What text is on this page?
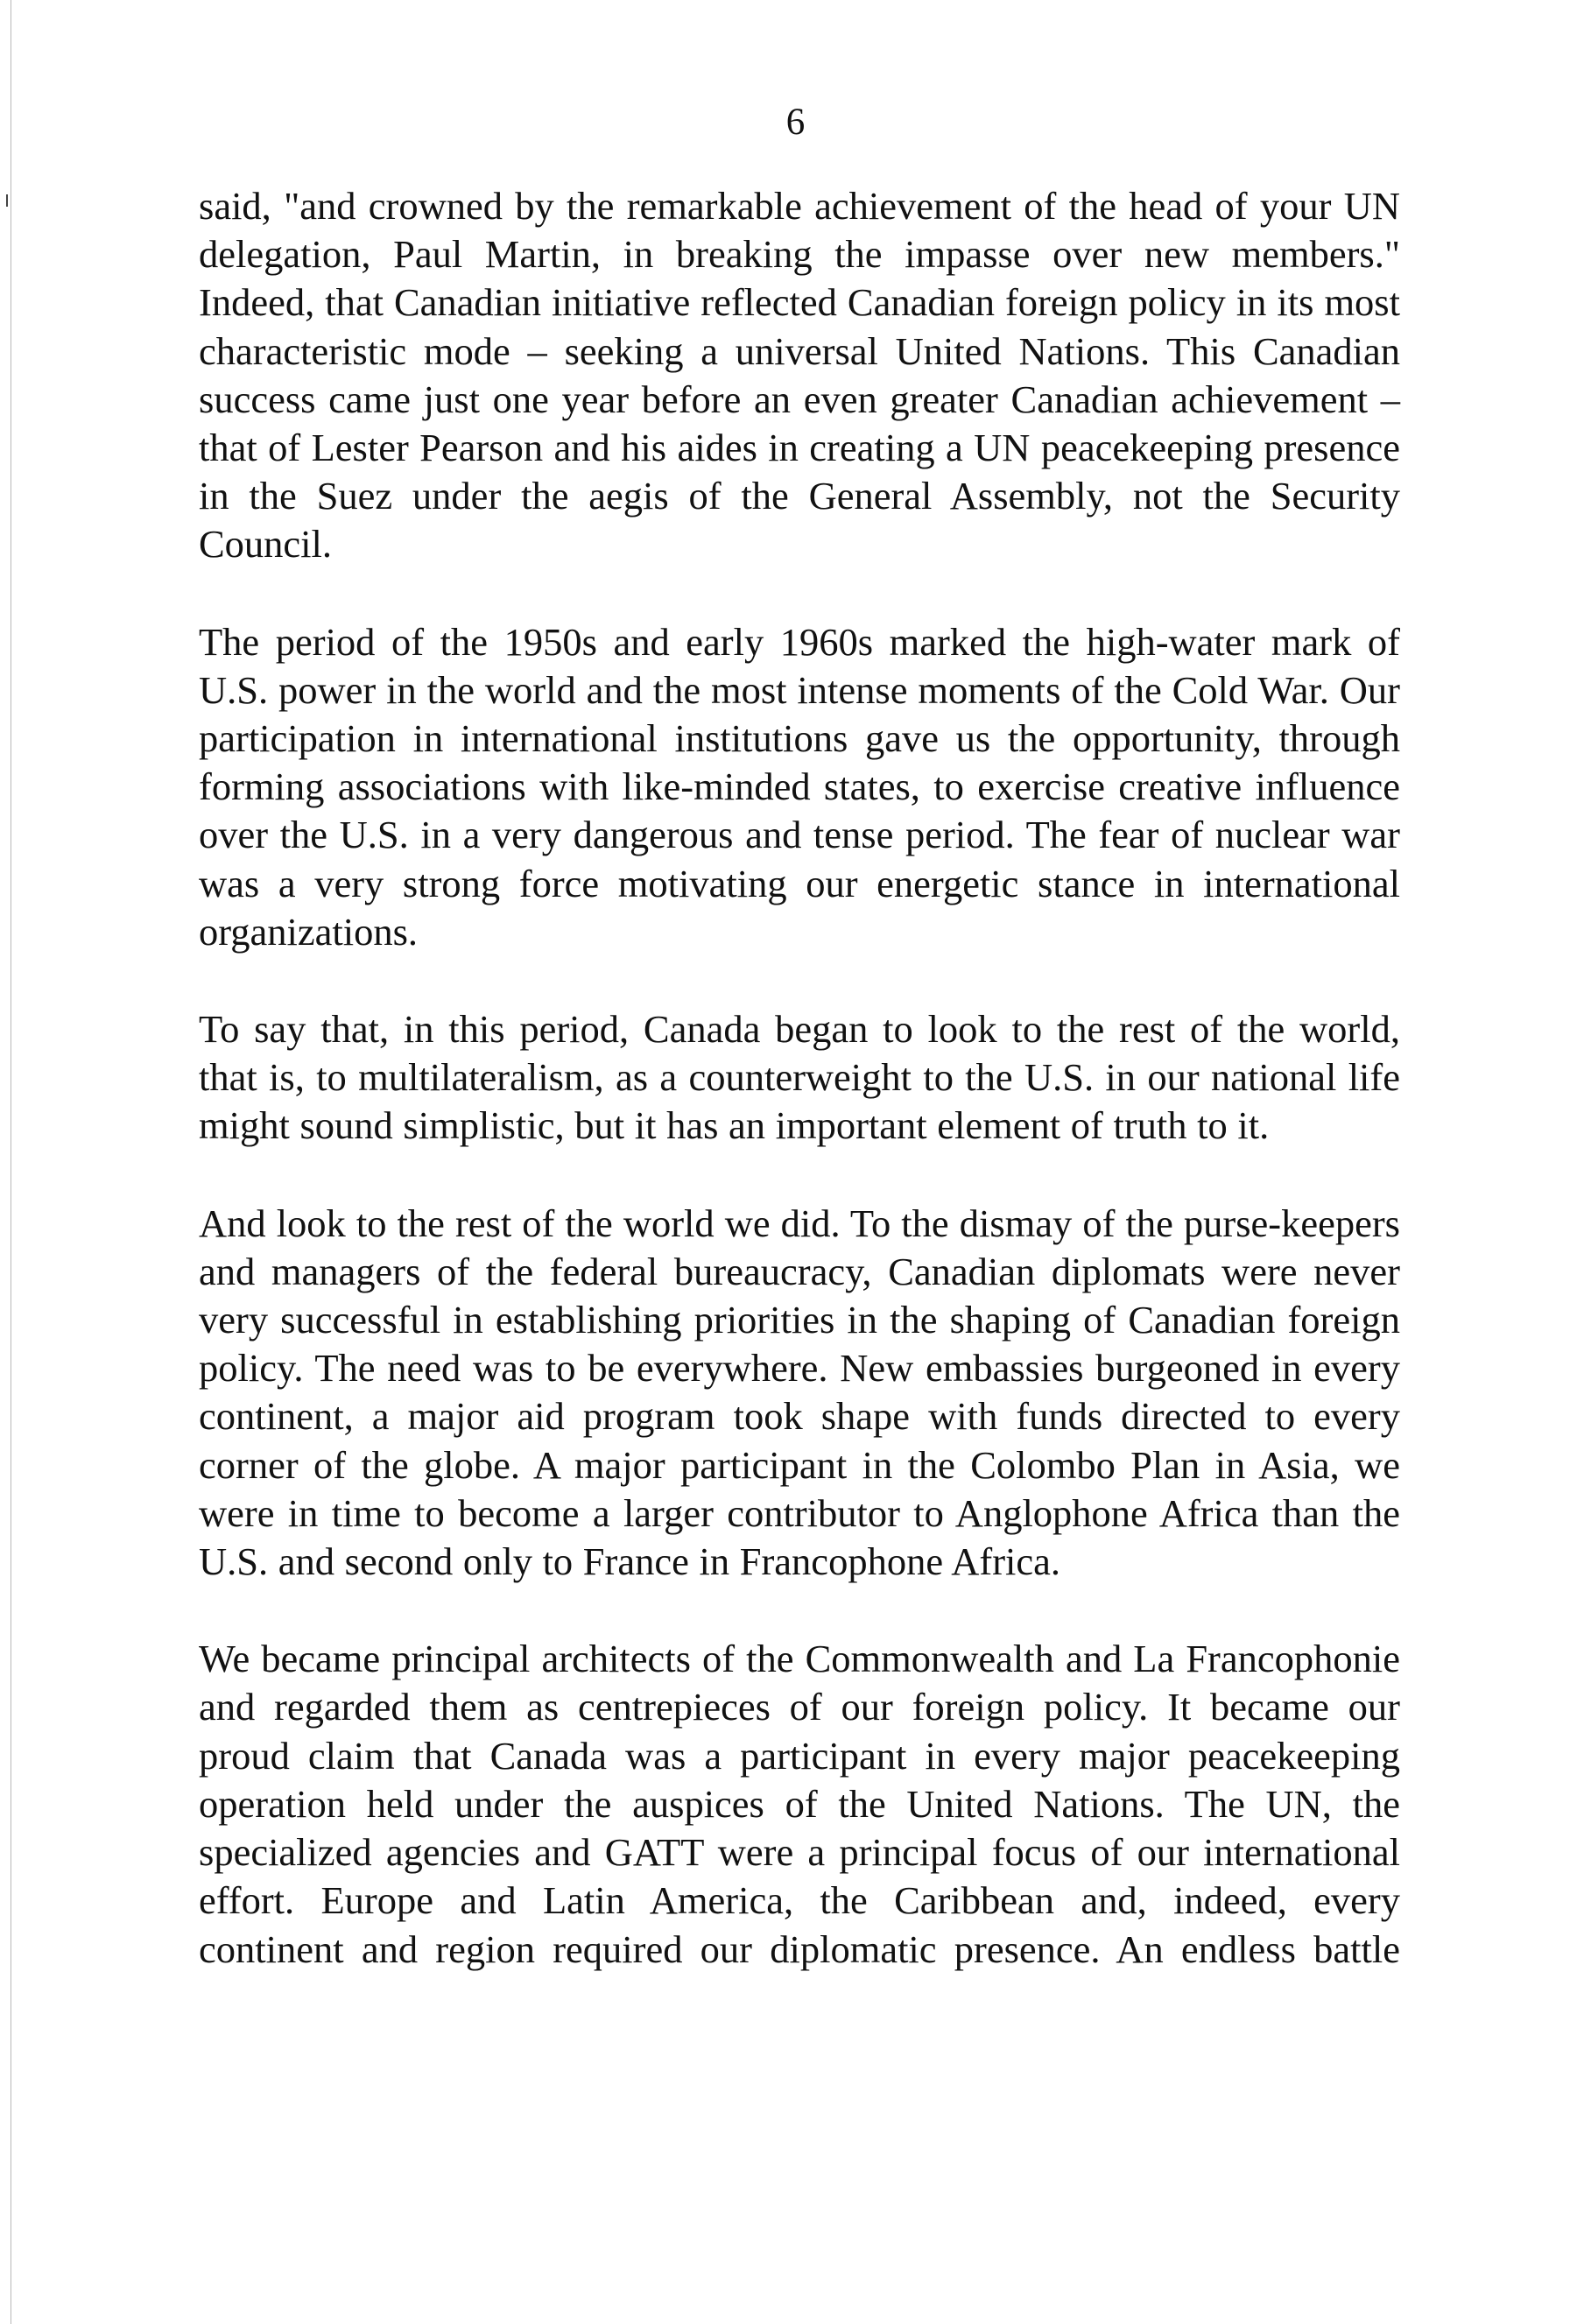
6

said, "and crowned by the remarkable achievement of the head of your UN delegation, Paul Martin, in breaking the impasse over new members." Indeed, that Canadian initiative reflected Canadian foreign policy in its most characteristic mode – seeking a universal United Nations. This Canadian success came just one year before an even greater Canadian achievement – that of Lester Pearson and his aides in creating a UN peacekeeping presence in the Suez under the aegis of the General Assembly, not the Security Council.

The period of the 1950s and early 1960s marked the high-water mark of U.S. power in the world and the most intense moments of the Cold War. Our participation in international institutions gave us the opportunity, through forming associations with like-minded states, to exercise creative influence over the U.S. in a very dangerous and tense period. The fear of nuclear war was a very strong force motivating our energetic stance in international organizations.

To say that, in this period, Canada began to look to the rest of the world, that is, to multilateralism, as a counterweight to the U.S. in our national life might sound simplistic, but it has an important element of truth to it.

And look to the rest of the world we did. To the dismay of the purse-keepers and managers of the federal bureaucracy, Canadian diplomats were never very successful in establishing priorities in the shaping of Canadian foreign policy. The need was to be everywhere. New embassies burgeoned in every continent, a major aid program took shape with funds directed to every corner of the globe. A major participant in the Colombo Plan in Asia, we were in time to become a larger contributor to Anglophone Africa than the U.S. and second only to France in Francophone Africa.

We became principal architects of the Commonwealth and La Francophonie and regarded them as centrepieces of our foreign policy. It became our proud claim that Canada was a participant in every major peacekeeping operation held under the auspices of the United Nations. The UN, the specialized agencies and GATT were a principal focus of our international effort. Europe and Latin America, the Caribbean and, indeed, every continent and region required our diplomatic presence. An endless battle
